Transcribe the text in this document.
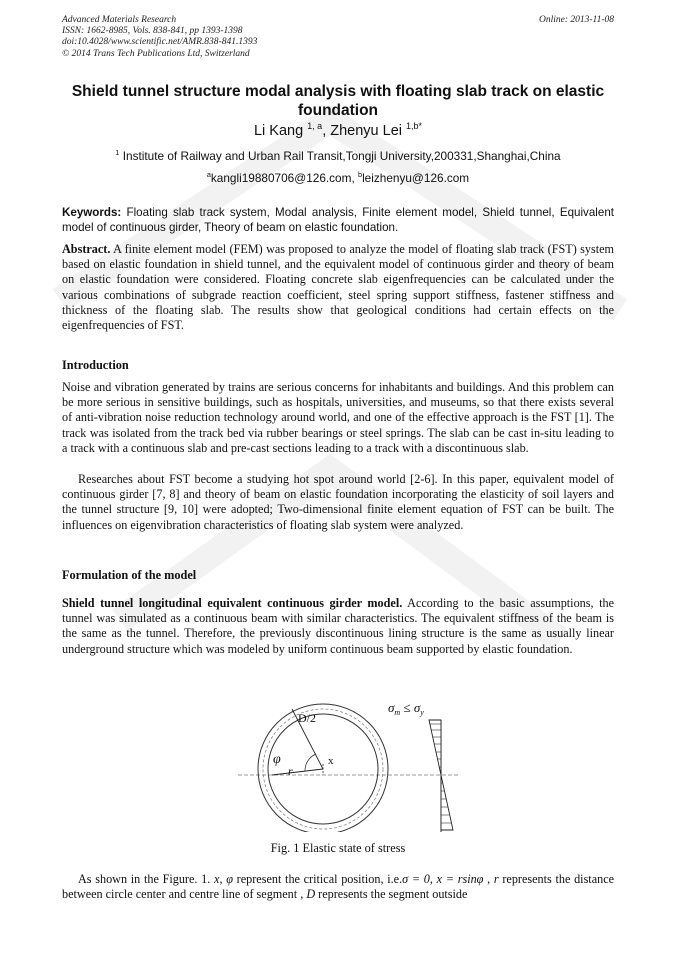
Advanced Materials Research
ISSN: 1662-8985, Vols. 838-841, pp 1393-1398
doi:10.4028/www.scientific.net/AMR.838-841.1393
© 2014 Trans Tech Publications Ltd, Switzerland
Online: 2013-11-08
Shield tunnel structure modal analysis with floating slab track on elastic foundation
Li Kang $^{1, a}$, Zhenyu Lei $^{1,b*}$
$^1$ Institute of Railway and Urban Rail Transit,Tongji University,200331,Shanghai,China
$^a$kangli19880706@126.com, $^b$leizhenyu@126.com
Keywords: Floating slab track system, Modal analysis, Finite element model, Shield tunnel, Equivalent model of continuous girder, Theory of beam on elastic foundation.
Abstract. A finite element model (FEM) was proposed to analyze the model of floating slab track (FST) system based on elastic foundation in shield tunnel, and the equivalent model of continuous girder and theory of beam on elastic foundation were considered. Floating concrete slab eigenfrequencies can be calculated under the various combinations of subgrade reaction coefficient, steel spring support stiffness, fastener stiffness and thickness of the floating slab. The results show that geological conditions had certain effects on the eigenfrequencies of FST.
Introduction
Noise and vibration generated by trains are serious concerns for inhabitants and buildings. And this problem can be more serious in sensitive buildings, such as hospitals, universities, and museums, so that there exists several of anti-vibration noise reduction technology around world, and one of the effective approach is the FST [1]. The track was isolated from the track bed via rubber bearings or steel springs. The slab can be cast in-situ leading to a track with a continuous slab and pre-cast sections leading to a track with a discontinuous slab.
Researches about FST become a studying hot spot around world [2-6]. In this paper, equivalent model of continuous girder [7, 8] and theory of beam on elastic foundation incorporating the elasticity of soil layers and the tunnel structure [9, 10] were adopted; Two-dimensional finite element equation of FST can be built. The influences on eigenvibration characteristics of floating slab system were analyzed.
Formulation of the model
Shield tunnel longitudinal equivalent continuous girder model. According to the basic assumptions, the tunnel was simulated as a continuous beam with similar characteristics. The equivalent stiffness of the beam is the same as the tunnel. Therefore, the previously discontinuous lining structure is the same as usually linear underground structure which was modeled by uniform continuous beam supported by elastic foundation.
D/2
φ
r
x
$\sigma_m \le \sigma_y$
Fig. 1 Elastic state of stress
As shown in the Figure. 1. x, φ represent the critical position, i.e.σ = 0, x = rsinφ , r represents the distance between circle center and centre line of segment , D represents the segment outside
